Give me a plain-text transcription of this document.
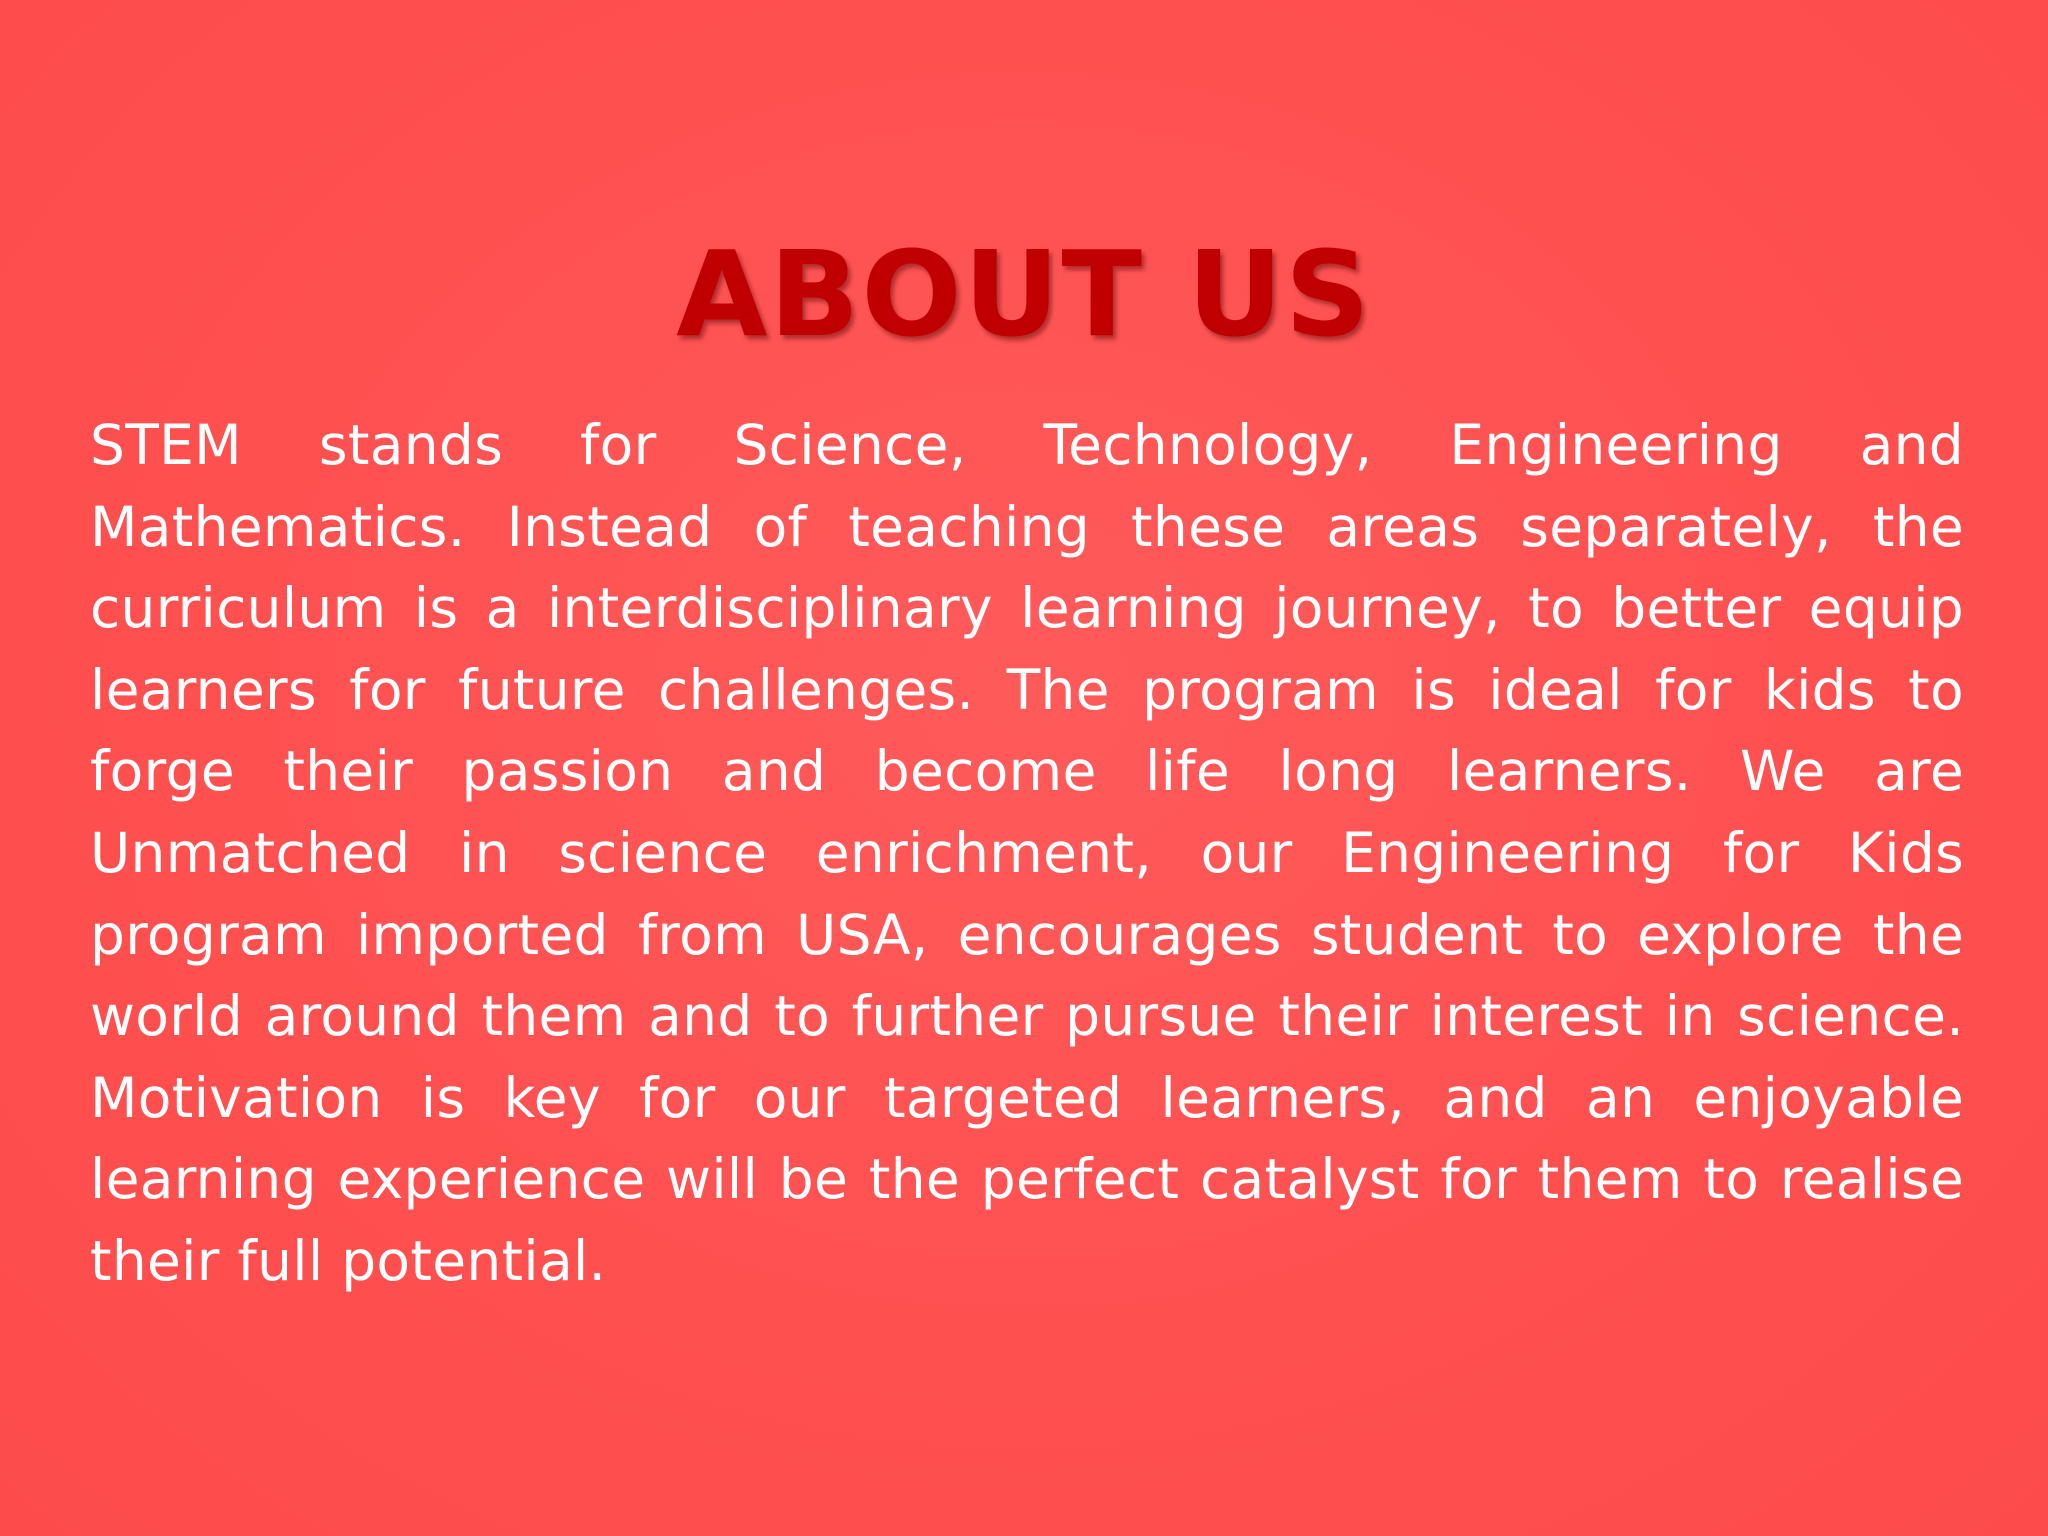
ABOUT US

STEM stands for Science, Technology, Engineering and Mathematics. Instead of teaching these areas separately, the curriculum is a interdisciplinary learning journey, to better equip learners for future challenges. The program is ideal for kids to forge their passion and become life long learners. We are Unmatched in science enrichment, our Engineering for Kids program imported from USA, encourages student to explore the world around them and to further pursue their interest in science. Motivation is key for our targeted learners, and an enjoyable learning experience will be the perfect catalyst for them to realise their full potential.
